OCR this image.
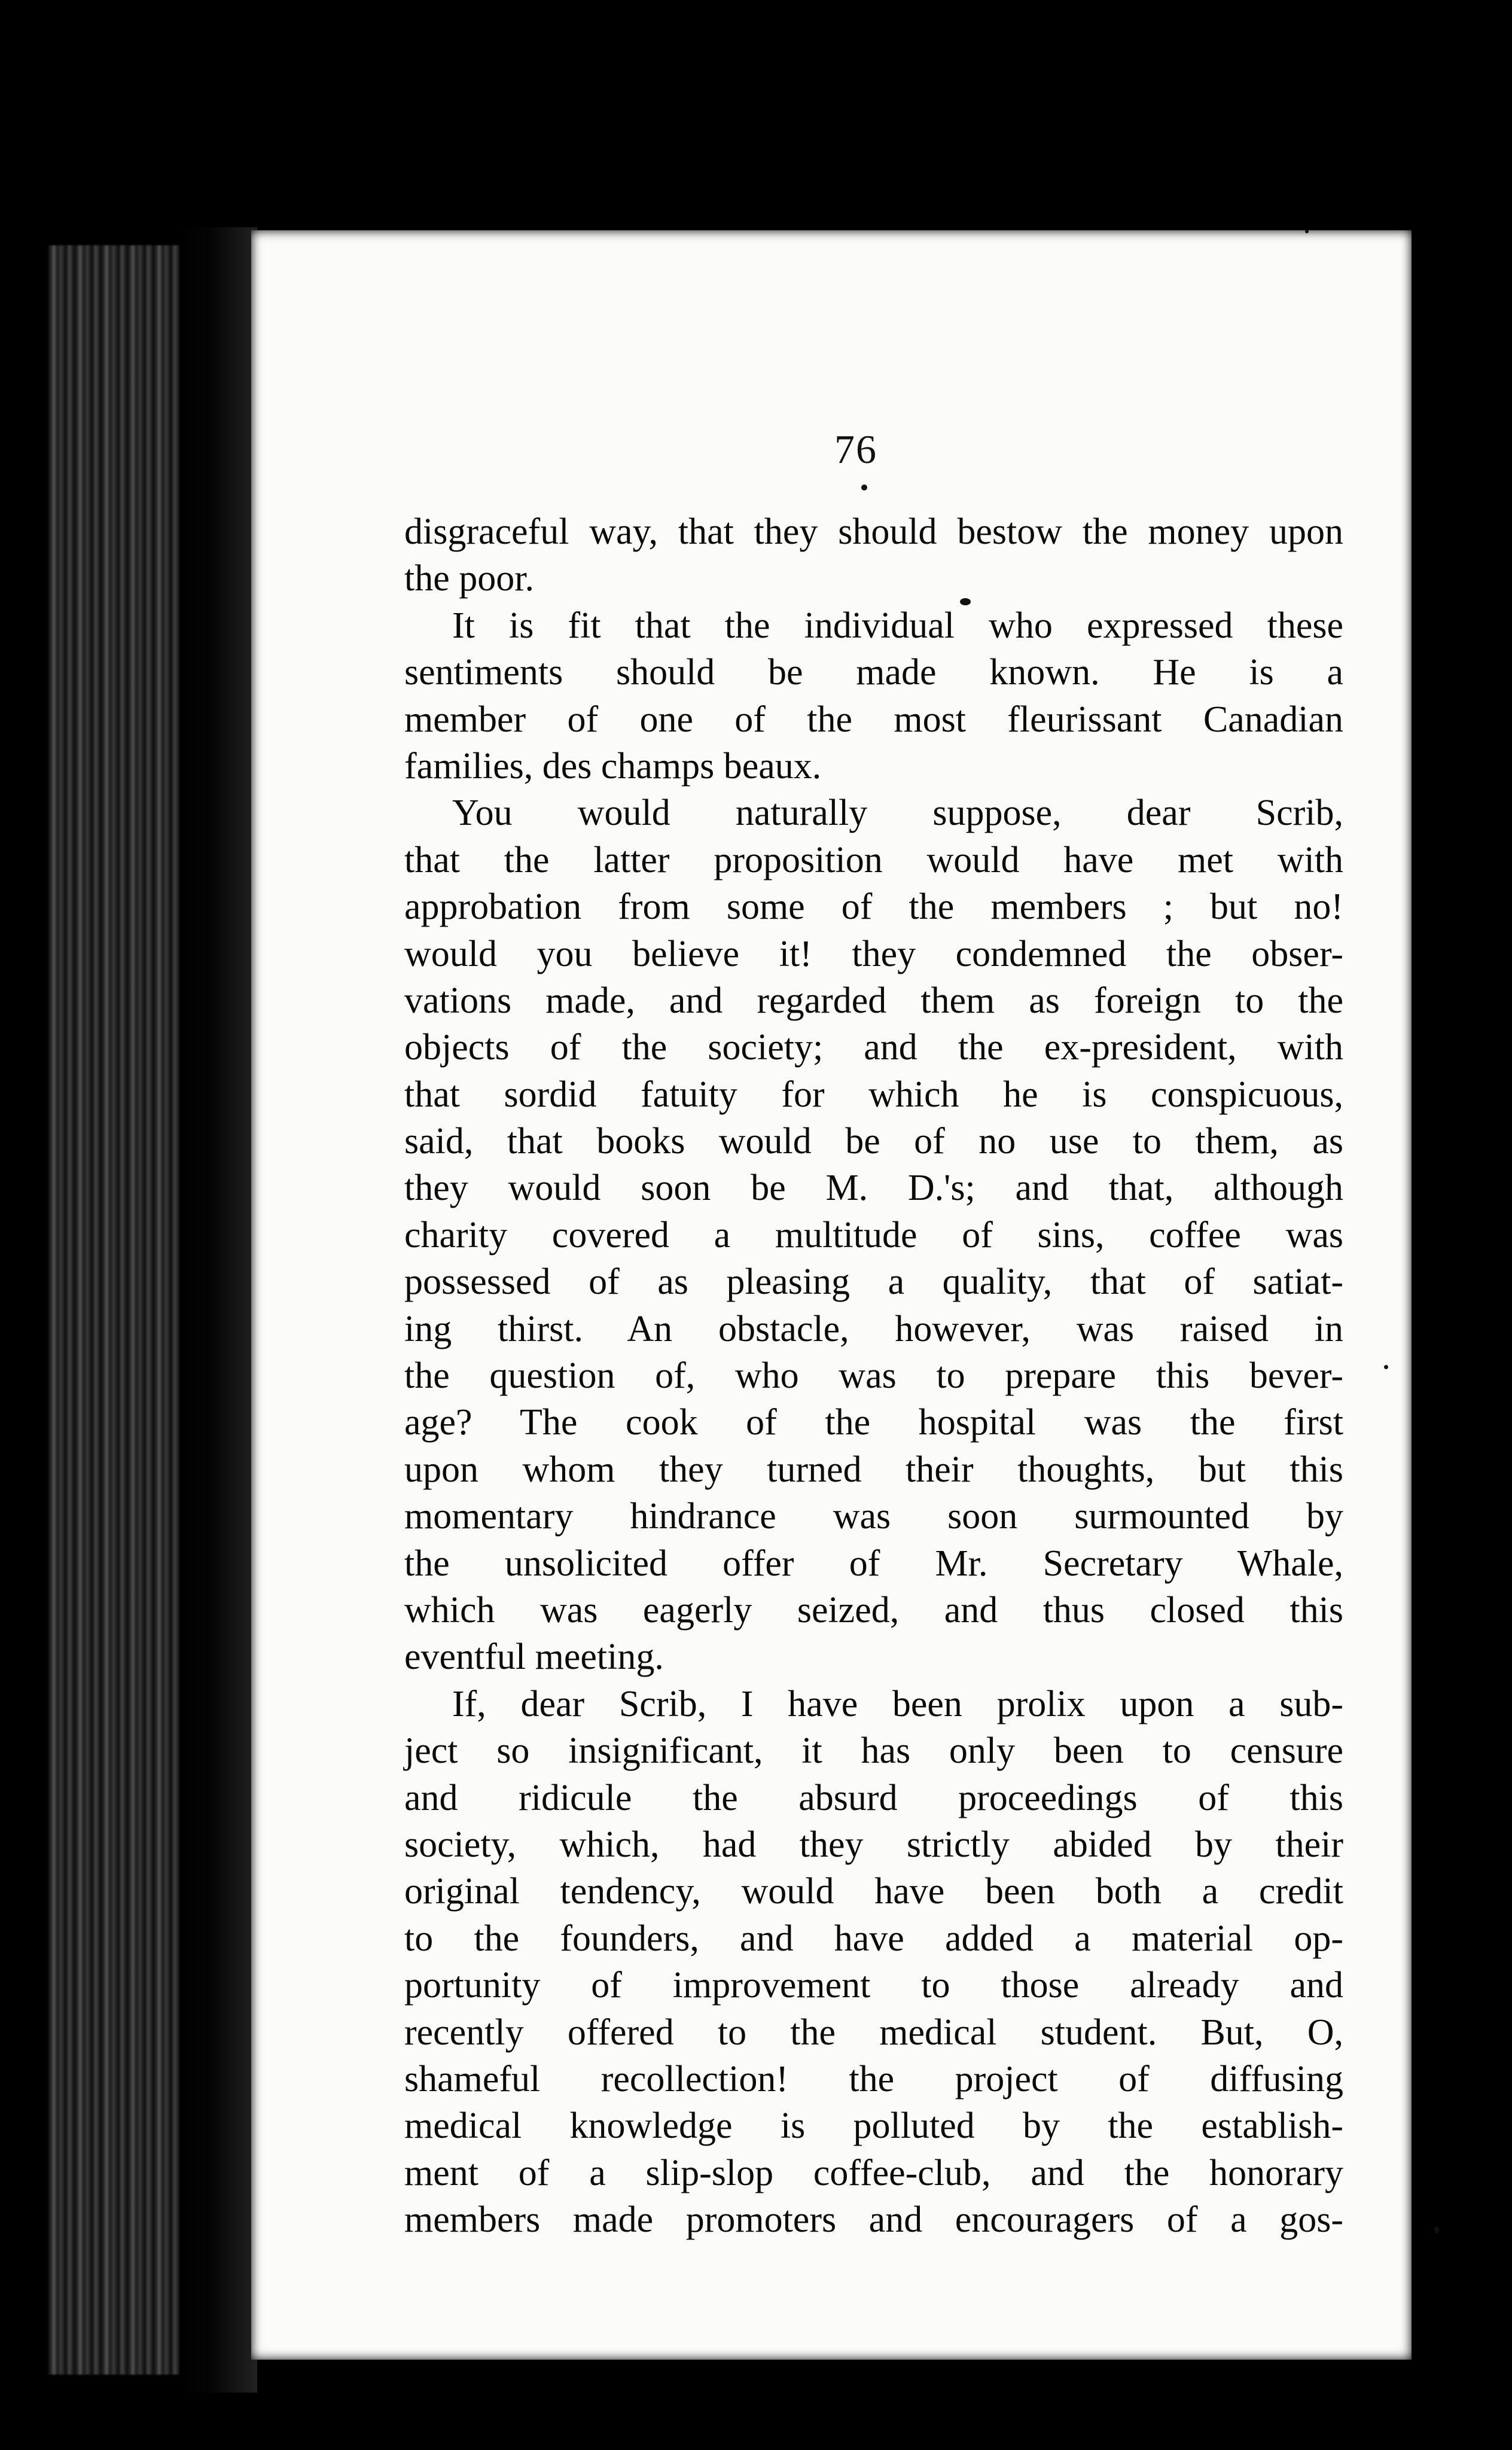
76
disgraceful way, that they should bestow the money upon
the poor.
It is fit that the individual who expressed these
sentiments should be made known. He is a
member of one of the most fleurissant Canadian
families, des champs beaux.
You would naturally suppose, dear Scrib,
that the latter proposition would have met with
approbation from some of the members ; but no!
would you believe it! they condemned the obser-
vations made, and regarded them as foreign to the
objects of the society; and the ex-president, with
that sordid fatuity for which he is conspicuous,
said, that books would be of no use to them, as
they would soon be M. D.'s; and that, although
charity covered a multitude of sins, coffee was
possessed of as pleasing a quality, that of satiat-
ing thirst. An obstacle, however, was raised in
the question of, who was to prepare this bever-
age? The cook of the hospital was the first
upon whom they turned their thoughts, but this
momentary hindrance was soon surmounted by
the unsolicited offer of Mr. Secretary Whale,
which was eagerly seized, and thus closed this
eventful meeting.
If, dear Scrib, I have been prolix upon a sub-
ject so insignificant, it has only been to censure
and ridicule the absurd proceedings of this
society, which, had they strictly abided by their
original tendency, would have been both a credit
to the founders, and have added a material op-
portunity of improvement to those already and
recently offered to the medical student. But, O,
shameful recollection! the project of diffusing
medical knowledge is polluted by the establish-
ment of a slip-slop coffee-club, and the honorary
members made promoters and encouragers of a gos-
